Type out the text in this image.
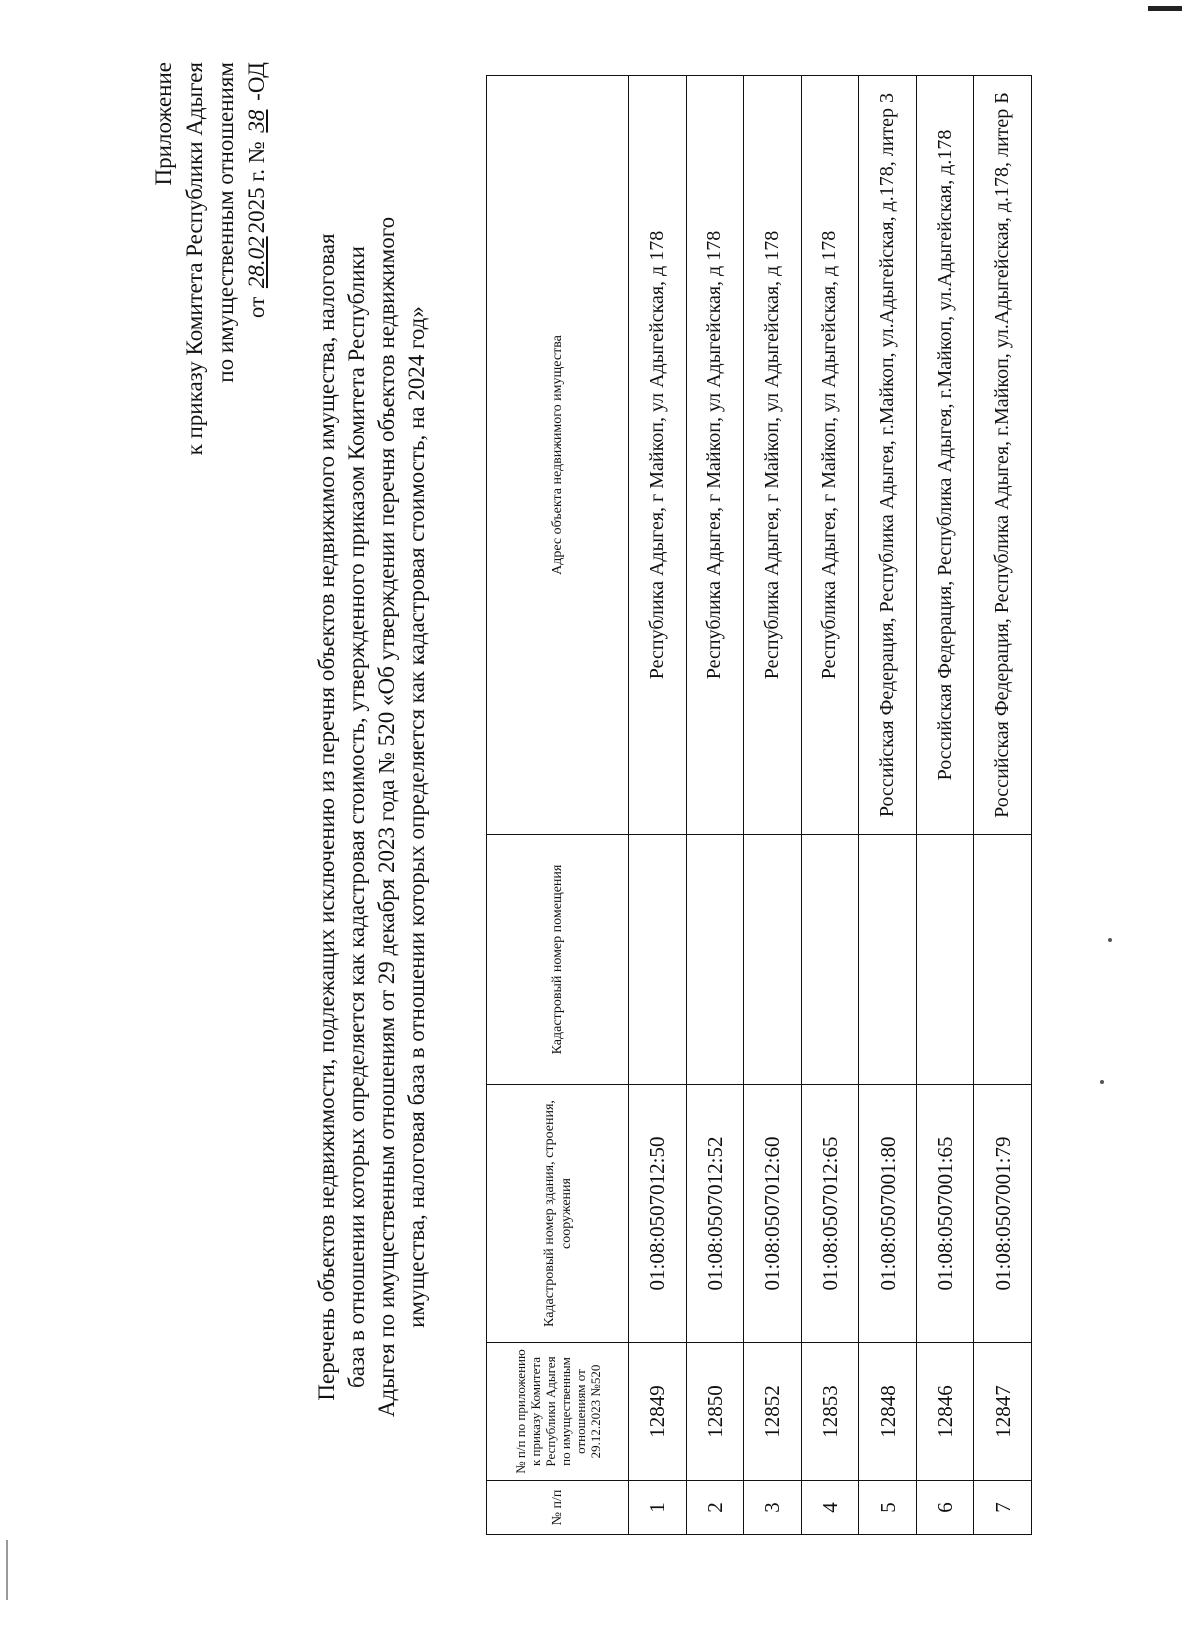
Приложение к приказу Комитета Республики Адыгея по имущественным отношениям от 28.022025 г. № 38 -ОД
Перечень объектов недвижимости, подлежащих исключению из перечня объектов недвижимого имущества, налоговая база в отношении которых определяется как кадастровая стоимость, утвержденного приказом Комитета Республики Адыгея по имущественным отношениям от 29 декабря 2023 года № 520 «Об утверждении перечня объектов недвижимого имущества, налоговая база в отношении которых определяется как кадастровая стоимость, на 2024 год»
№ п/п	№ п/п по приложению к приказу Комитета Республики Адыгея по имущественным отношениям от 29.12.2023 №520	Кадастровый номер здания, строения, сооружения	Кадастровый номер помещения	Адрес объекта недвижимого имущества
1	12849	01:08:0507012:50		Республика Адыгея, г Майкоп, ул Адыгейская, д 178
2	12850	01:08:0507012:52		Республика Адыгея, г Майкоп, ул Адыгейская, д 178
3	12852	01:08:0507012:60		Республика Адыгея, г Майкоп, ул Адыгейская, д 178
4	12853	01:08:0507012:65		Республика Адыгея, г Майкоп, ул Адыгейская, д 178
5	12848	01:08:0507001:80		Российская Федерация, Республика Адыгея, г.Майкоп, ул.Адыгейская, д.178, литер 3
6	12846	01:08:0507001:65		Российская Федерация, Республика Адыгея, г.Майкоп, ул.Адыгейская, д.178
7	12847	01:08:0507001:79		Российская Федерация, Республика Адыгея, г.Майкоп, ул.Адыгейская, д.178, литер Б
